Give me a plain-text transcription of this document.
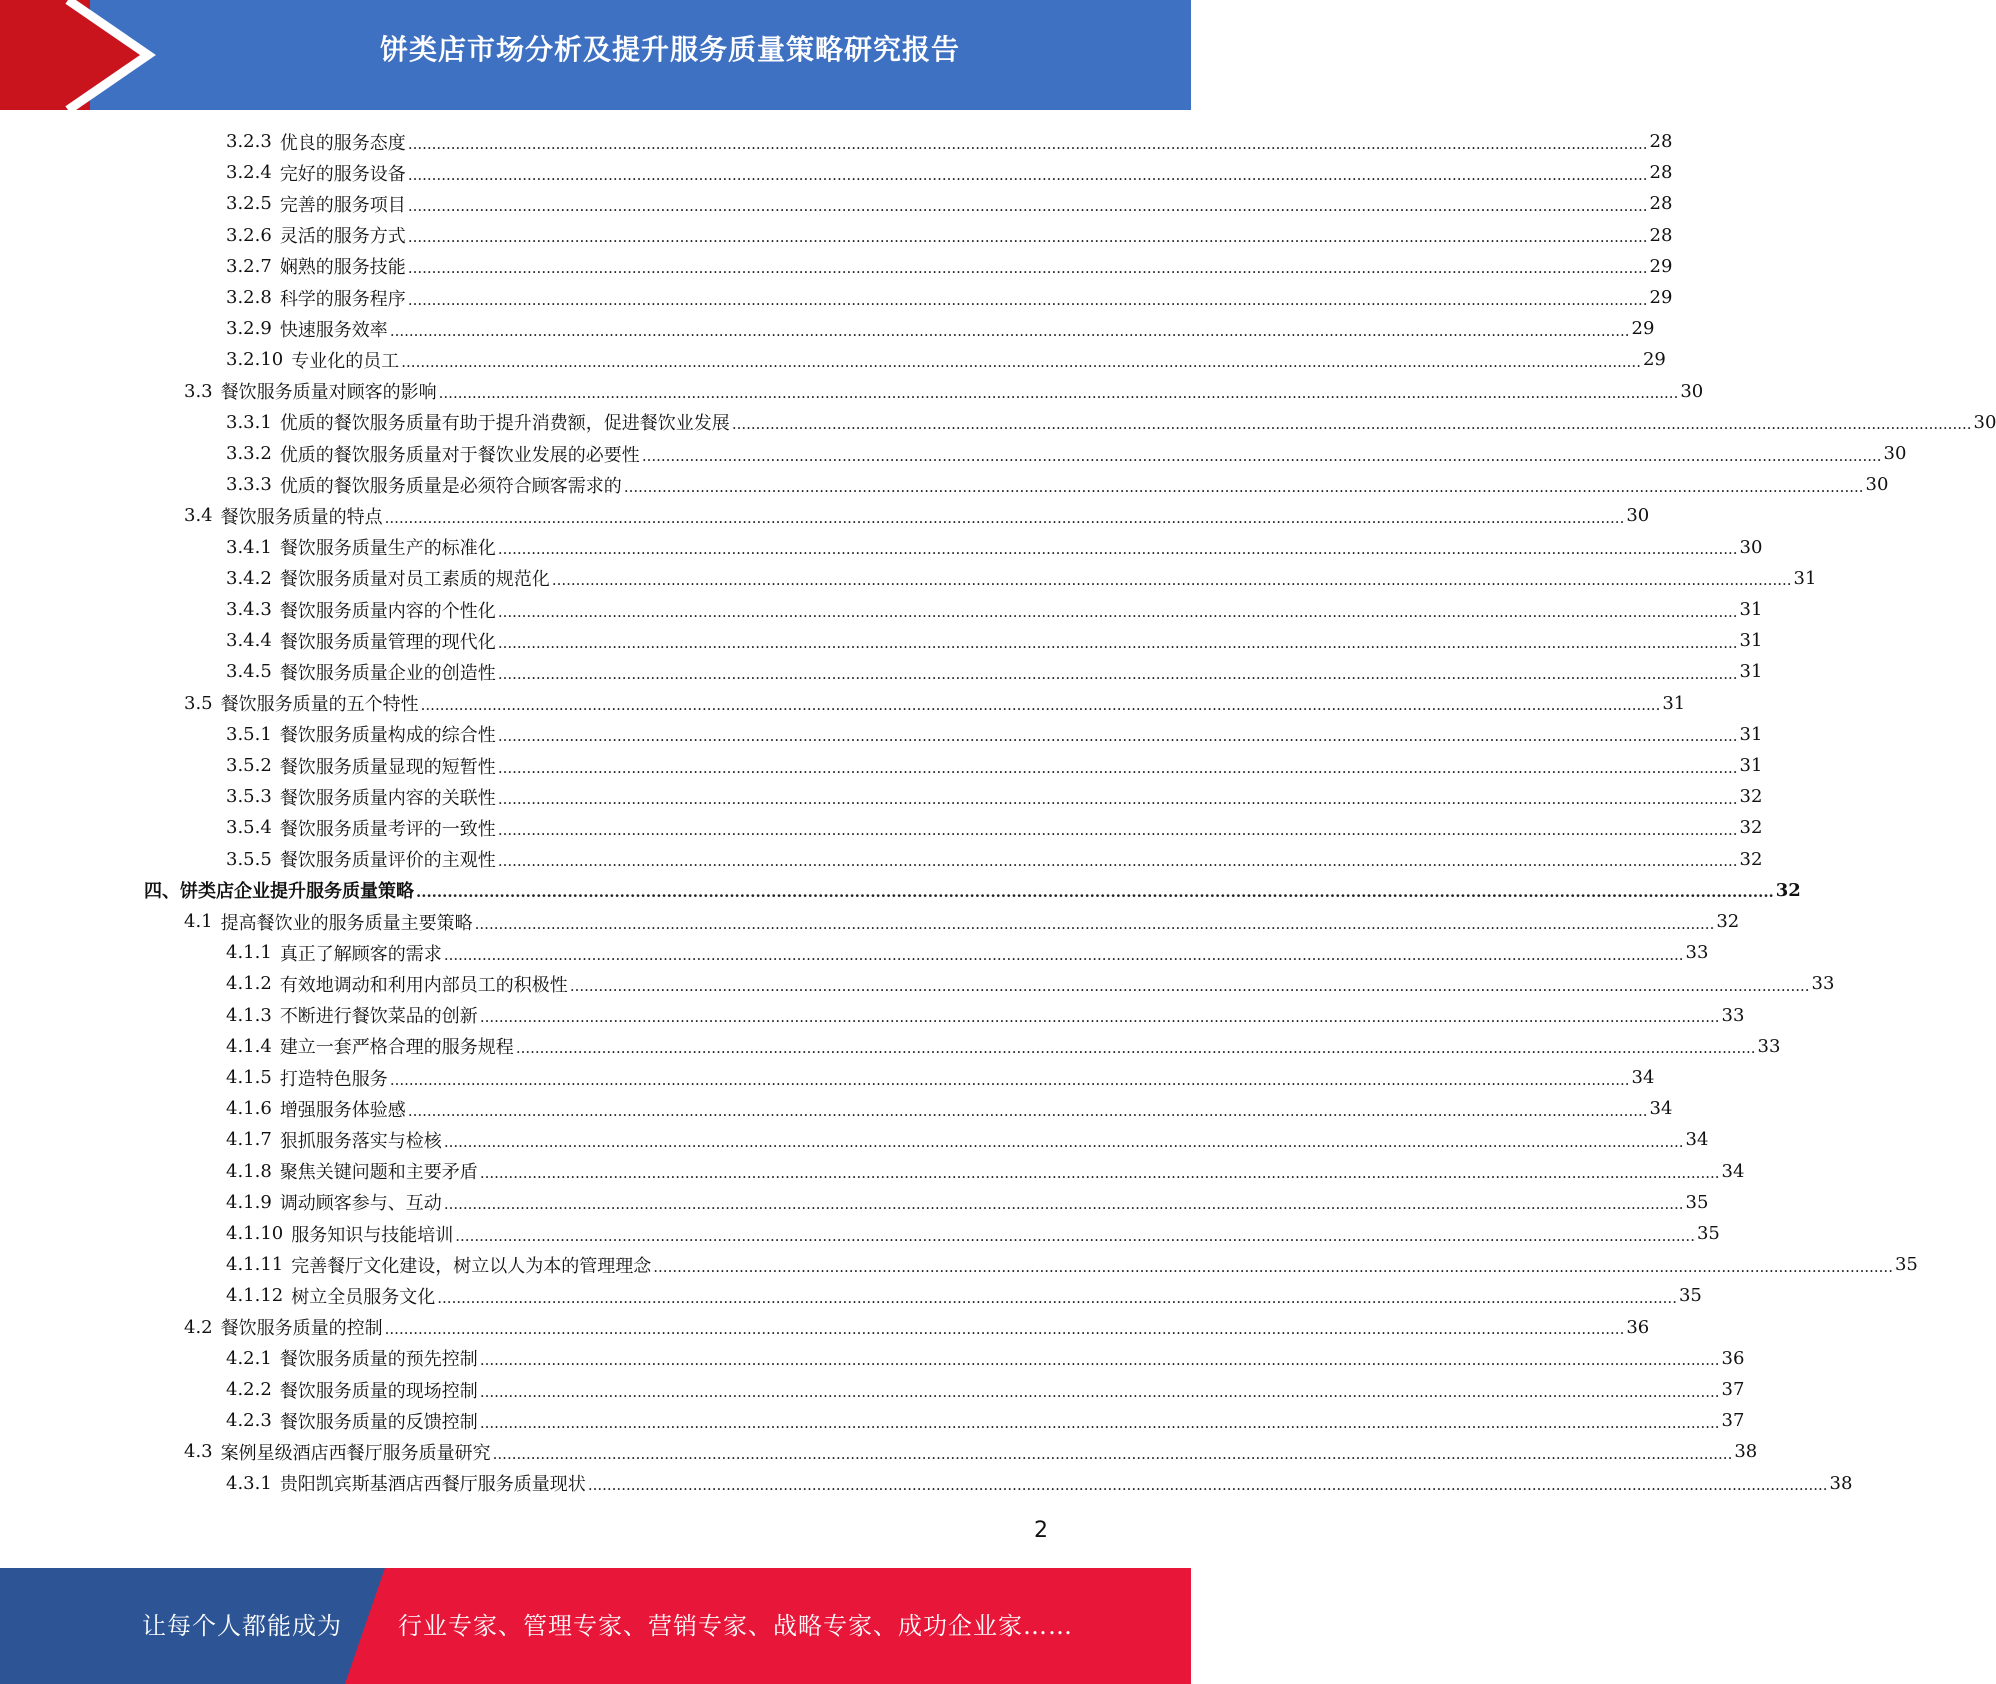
饼类店市场分析及提升服务质量策略研究报告
3.2.3 优良的服务态度 .................................................................................................................................................................................................................................................................... 28
3.2.4 完好的服务设备 .................................................................................................................................................................................................................................................................... 28
3.2.5 完善的服务项目 .................................................................................................................................................................................................................................................................... 28
3.2.6 灵活的服务方式 .................................................................................................................................................................................................................................................................... 28
3.2.7 娴熟的服务技能 .................................................................................................................................................................................................................................................................... 29
3.2.8 科学的服务程序 .................................................................................................................................................................................................................................................................... 29
3.2.9 快速服务效率 .................................................................................................................................................................................................................................................................... 29
3.2.10 专业化的员工 .................................................................................................................................................................................................................................................................... 29
3.3 餐饮服务质量对顾客的影响 .................................................................................................................................................................................................................................................................... 30
3.3.1 优质的餐饮服务质量有助于提升消费额，促进餐饮业发展 .................................................................................................................................................................................................................................................................... 30
3.3.2 优质的餐饮服务质量对于餐饮业发展的必要性 .................................................................................................................................................................................................................................................................... 30
3.3.3 优质的餐饮服务质量是必须符合顾客需求的 .................................................................................................................................................................................................................................................................... 30
3.4 餐饮服务质量的特点 .................................................................................................................................................................................................................................................................... 30
3.4.1 餐饮服务质量生产的标准化 .................................................................................................................................................................................................................................................................... 30
3.4.2 餐饮服务质量对员工素质的规范化 .................................................................................................................................................................................................................................................................... 31
3.4.3 餐饮服务质量内容的个性化 .................................................................................................................................................................................................................................................................... 31
3.4.4 餐饮服务质量管理的现代化 .................................................................................................................................................................................................................................................................... 31
3.4.5 餐饮服务质量企业的创造性 .................................................................................................................................................................................................................................................................... 31
3.5 餐饮服务质量的五个特性 .................................................................................................................................................................................................................................................................... 31
3.5.1 餐饮服务质量构成的综合性 .................................................................................................................................................................................................................................................................... 31
3.5.2 餐饮服务质量显现的短暂性 .................................................................................................................................................................................................................................................................... 31
3.5.3 餐饮服务质量内容的关联性 .................................................................................................................................................................................................................................................................... 32
3.5.4 餐饮服务质量考评的一致性 .................................................................................................................................................................................................................................................................... 32
3.5.5 餐饮服务质量评价的主观性 .................................................................................................................................................................................................................................................................... 32
四、饼类店企业提升服务质量策略 .................................................................................................................................................................................................................................................................... 32
4.1 提高餐饮业的服务质量主要策略 .................................................................................................................................................................................................................................................................... 32
4.1.1 真正了解顾客的需求 .................................................................................................................................................................................................................................................................... 33
4.1.2 有效地调动和利用内部员工的积极性 .................................................................................................................................................................................................................................................................... 33
4.1.3 不断进行餐饮菜品的创新 .................................................................................................................................................................................................................................................................... 33
4.1.4 建立一套严格合理的服务规程 .................................................................................................................................................................................................................................................................... 33
4.1.5 打造特色服务 .................................................................................................................................................................................................................................................................... 34
4.1.6 增强服务体验感 .................................................................................................................................................................................................................................................................... 34
4.1.7 狠抓服务落实与检核 .................................................................................................................................................................................................................................................................... 34
4.1.8 聚焦关键问题和主要矛盾 .................................................................................................................................................................................................................................................................... 34
4.1.9 调动顾客参与、互动 .................................................................................................................................................................................................................................................................... 35
4.1.10 服务知识与技能培训 .................................................................................................................................................................................................................................................................... 35
4.1.11 完善餐厅文化建设，树立以人为本的管理理念 .................................................................................................................................................................................................................................................................... 35
4.1.12 树立全员服务文化 .................................................................................................................................................................................................................................................................... 35
4.2 餐饮服务质量的控制 .................................................................................................................................................................................................................................................................... 36
4.2.1 餐饮服务质量的预先控制 .................................................................................................................................................................................................................................................................... 36
4.2.2 餐饮服务质量的现场控制 .................................................................................................................................................................................................................................................................... 37
4.2.3 餐饮服务质量的反馈控制 .................................................................................................................................................................................................................................................................... 37
4.3 案例星级酒店西餐厅服务质量研究 .................................................................................................................................................................................................................................................................... 38
4.3.1 贵阳凯宾斯基酒店西餐厅服务质量现状 .................................................................................................................................................................................................................................................................... 38
2
让每个人都能成为 行业专家、管理专家、营销专家、战略专家、成功企业家……
